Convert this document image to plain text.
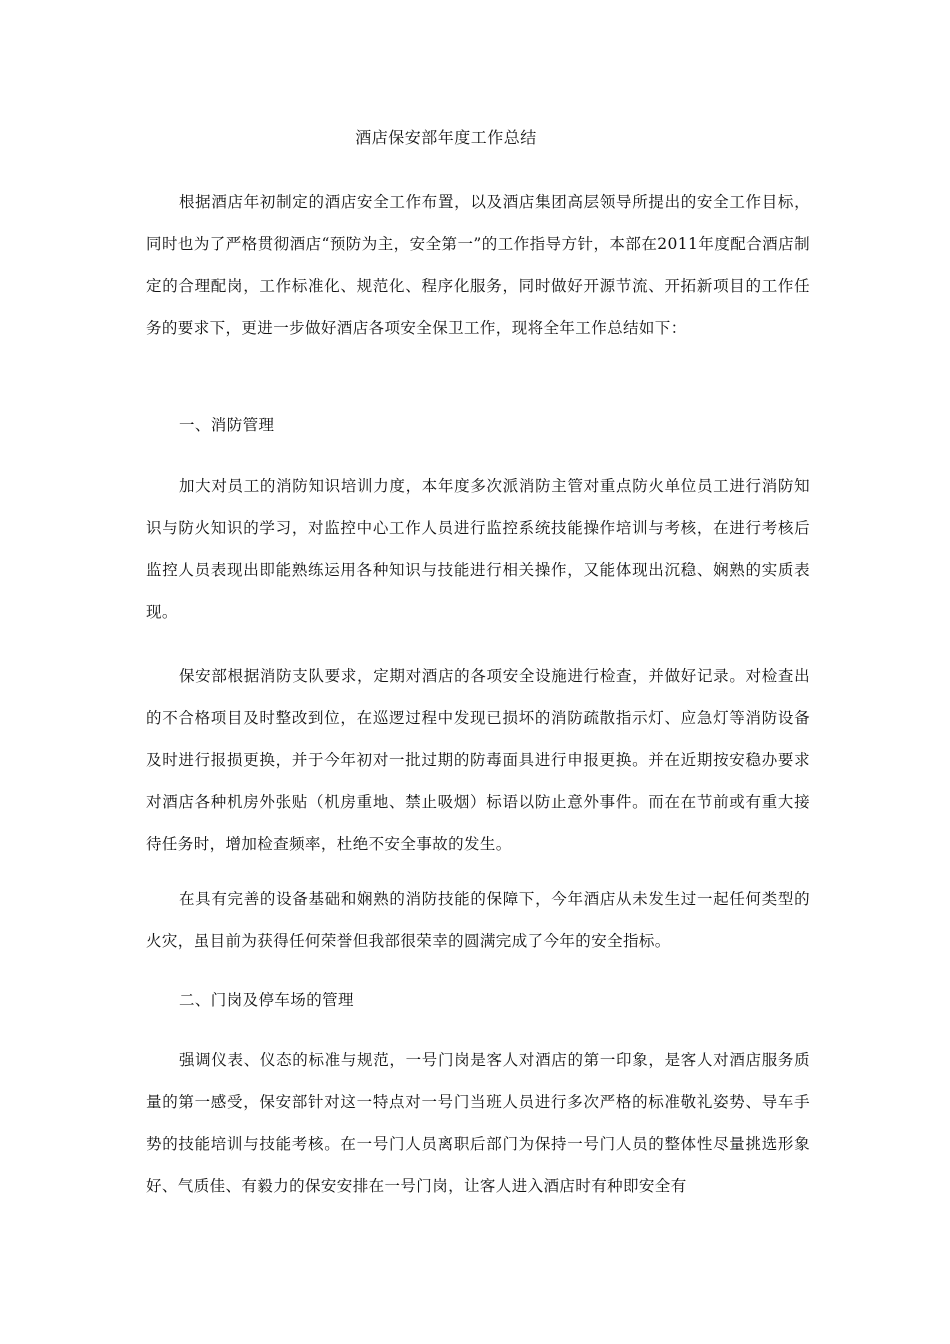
酒店保安部年度工作总结

根据酒店年初制定的酒店安全工作布置，以及酒店集团高层领导所提出的安全工作目标，同时也为了严格贯彻酒店“预防为主，安全第一”的工作指导方针，本部在2011年度配合酒店制定的合理配岗，工作标准化、规范化、程序化服务，同时做好开源节流、开拓新项目的工作任务的要求下，更进一步做好酒店各项安全保卫工作，现将全年工作总结如下：

一、消防管理

加大对员工的消防知识培训力度，本年度多次派消防主管对重点防火单位员工进行消防知识与防火知识的学习，对监控中心工作人员进行监控系统技能操作培训与考核，在进行考核后监控人员表现出即能熟练运用各种知识与技能进行相关操作，又能体现出沉稳、娴熟的实质表现。

保安部根据消防支队要求，定期对酒店的各项安全设施进行检查，并做好记录。对检查出的不合格项目及时整改到位，在巡逻过程中发现已损坏的消防疏散指示灯、应急灯等消防设备及时进行报损更换，并于今年初对一批过期的防毒面具进行申报更换。并在近期按安稳办要求对酒店各种机房外张贴（机房重地、禁止吸烟）标语以防止意外事件。而在在节前或有重大接待任务时，增加检查频率，杜绝不安全事故的发生。

在具有完善的设备基础和娴熟的消防技能的保障下，今年酒店从未发生过一起任何类型的火灾，虽目前为获得任何荣誉但我部很荣幸的圆满完成了今年的安全指标。

二、门岗及停车场的管理

强调仪表、仪态的标准与规范，一号门岗是客人对酒店的第一印象，是客人对酒店服务质量的第一感受，保安部针对这一特点对一号门当班人员进行多次严格的标准敬礼姿势、导车手势的技能培训与技能考核。在一号门人员离职后部门为保持一号门人员的整体性尽量挑选形象好、气质佳、有毅力的保安安排在一号门岗，让客人进入酒店时有种即安全有
